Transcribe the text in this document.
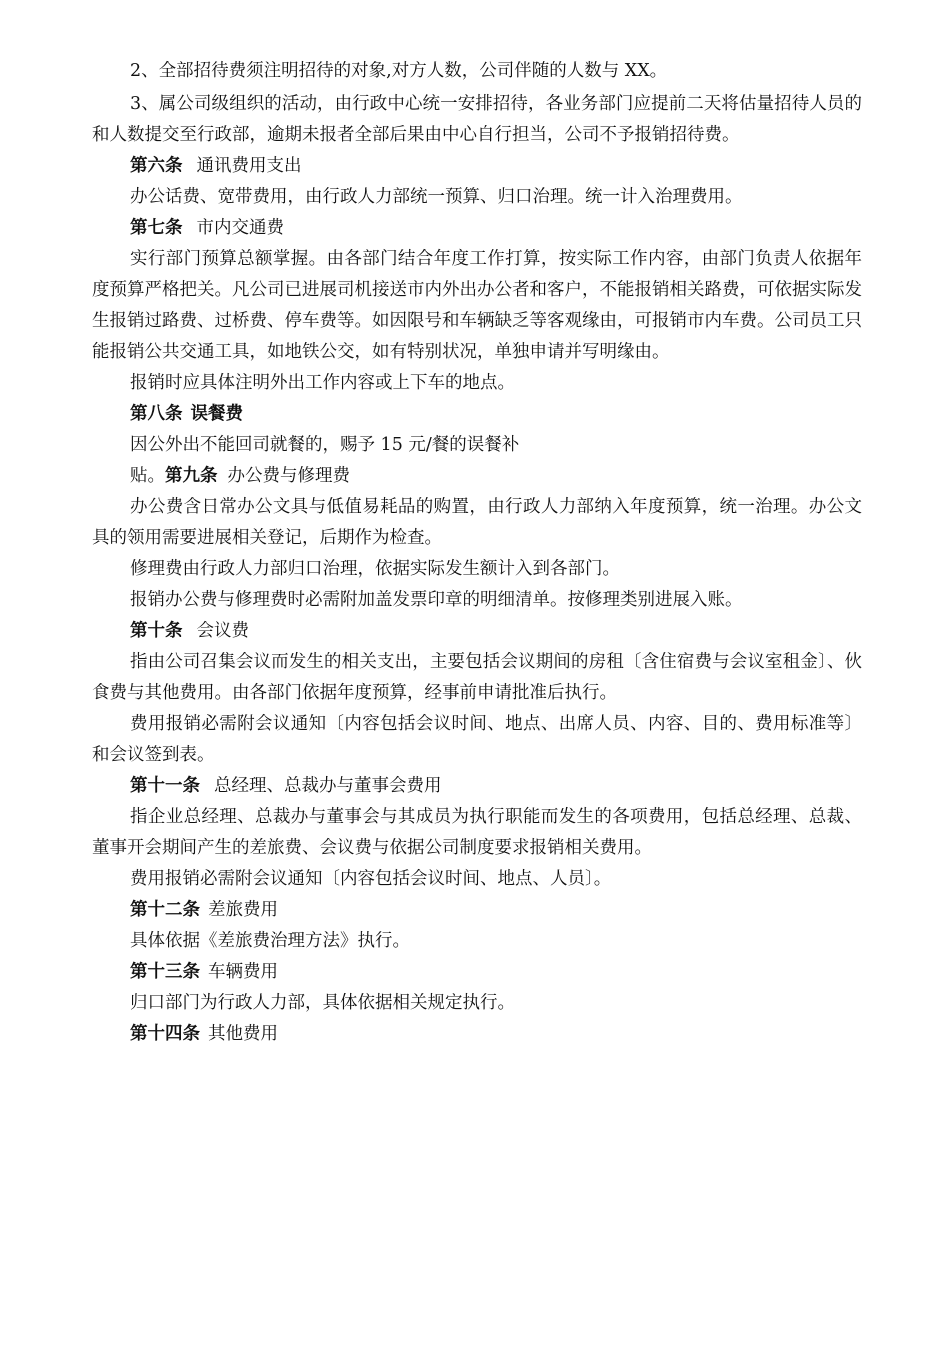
2、全部招待费须注明招待的对象,对方人数，公司伴随的人数与 XX。

3、属公司级组织的活动，由行政中心统一安排招待，各业务部门应提前二天将估量招待人员的和人数提交至行政部，逾期未报者全部后果由中心自行担当，公司不予报销招待费。

第六条 通讯费用支出

办公话费、宽带费用，由行政人力部统一预算、归口治理。统一计入治理费用。

第七条 市内交通费

实行部门预算总额掌握。由各部门结合年度工作打算，按实际工作内容，由部门负责人依据年度预算严格把关。凡公司已进展司机接送市内外出办公者和客户，不能报销相关路费，可依据实际发生报销过路费、过桥费、停车费等。如因限号和车辆缺乏等客观缘由，可报销市内车费。公司员工只能报销公共交通工具，如地铁公交，如有特别状况，单独申请并写明缘由。

报销时应具体注明外出工作内容或上下车的地点。

第八条 误餐费

因公外出不能回司就餐的，赐予 15 元/餐的误餐补

贴。第九条 办公费与修理费

办公费含日常办公文具与低值易耗品的购置，由行政人力部纳入年度预算，统一治理。办公文具的领用需要进展相关登记，后期作为检查。

修理费由行政人力部归口治理，依据实际发生额计入到各部门。

报销办公费与修理费时必需附加盖发票印章的明细清单。按修理类别进展入账。

第十条 会议费

指由公司召集会议而发生的相关支出，主要包括会议期间的房租〔含住宿费与会议室租金〕、伙食费与其他费用。由各部门依据年度预算，经事前申请批准后执行。

费用报销必需附会议通知〔内容包括会议时间、地点、出席人员、内容、目的、费用标准等〕和会议签到表。

第十一条 总经理、总裁办与董事会费用

指企业总经理、总裁办与董事会与其成员为执行职能而发生的各项费用，包括总经理、总裁、董事开会期间产生的差旅费、会议费与依据公司制度要求报销相关费用。

费用报销必需附会议通知〔内容包括会议时间、地点、人员〕。

第十二条 差旅费用

具体依据《差旅费治理方法》执行。

第十三条 车辆费用

归口部门为行政人力部，具体依据相关规定执行。

第十四条 其他费用
